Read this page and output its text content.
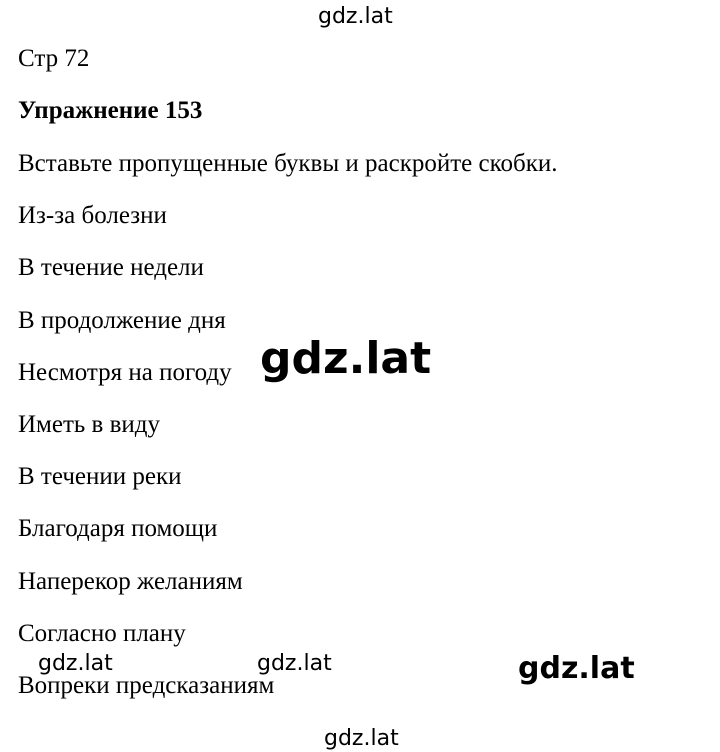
Стр 72
Упражнение 153
Вставьте пропущенные буквы и раскройте скобки.
Из-за болезни
В течение недели
В продолжение дня
Несмотря на погоду
Иметь в виду
В течении реки
Благодаря помощи
Наперекор желаниям
Согласно плану
Вопреки предсказаниям
gdz.lat
gdz.lat
gdz.lat	gdz.lat	gdz.lat
gdz.lat
